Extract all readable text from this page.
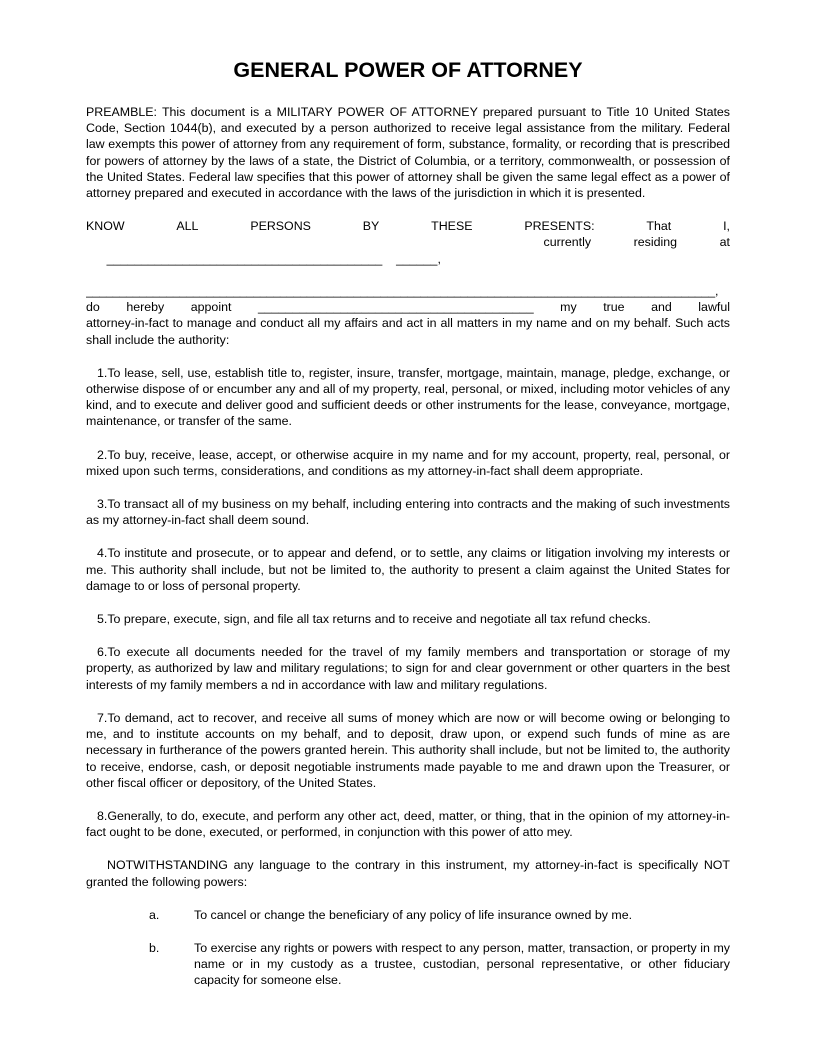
GENERAL POWER OF ATTORNEY

PREAMBLE: This document is a MILITARY POWER OF ATTORNEY prepared pursuant to Title 10 United States Code, Section 1044(b), and executed by a person authorized to receive legal assistance from the military. Federal law exempts this power of attorney from any requirement of form, substance, formality, or recording that is prescribed for powers of attorney by the laws of a state, the District of Columbia, or a territory, commonwealth, or possession of the United States. Federal law specifies that this power of attorney shall be given the same legal effect as a power of attorney prepared and executed in accordance with the laws of the jurisdiction in which it is presented.

KNOW	ALL	PERSONS	BY	THESE	PRESENTS:	That	I,

________________________________________ ______,

currently	residing	at
______________________________________________________________________________________________,
do hereby appoint ________________________________________ my true and lawful

attorney-in-fact to manage and conduct all my affairs and act in all matters in my name and on my behalf. Such acts shall include the authority:

1.To lease, sell, use, establish title to, register, insure, transfer, mortgage, maintain, manage, pledge, exchange, or otherwise dispose of or encumber any and all of my property, real, personal, or mixed, including motor vehicles of any kind, and to execute and deliver good and sufficient deeds or other instruments for the lease, conveyance, mortgage, maintenance, or transfer of the same.

2.To buy, receive, lease, accept, or otherwise acquire in my name and for my account, property, real, personal, or mixed upon such terms, considerations, and conditions as my attorney-in-fact shall deem appropriate.

3.To transact all of my business on my behalf, including entering into contracts and the making of such investments as my attorney-in-fact shall deem sound.

4.To institute and prosecute, or to appear and defend, or to settle, any claims or litigation involving my interests or me. This authority shall include, but not be limited to, the authority to present a claim against the United States for damage to or loss of personal property.

5.To prepare, execute, sign, and file all tax returns and to receive and negotiate all tax refund checks.

6.To execute all documents needed for the travel of my family members and transportation or storage of my property, as authorized by law and military regulations; to sign for and clear government or other quarters in the best interests of my family members a nd in accordance with law and military regulations.

7.To demand, act to recover, and receive all sums of money which are now or will become owing or belonging to me, and to institute accounts on my behalf, and to deposit, draw upon, or expend such funds of mine as are necessary in furtherance of the powers granted herein. This authority shall include, but not be limited to, the authority to receive, endorse, cash, or deposit negotiable instruments made payable to me and drawn upon the Treasurer, or other fiscal officer or depository, of the United States.

8.Generally, to do, execute, and perform any other act, deed, matter, or thing, that in the opinion of my attorney-in-fact ought to be done, executed, or performed, in conjunction with this power of atto mey.

NOTWITHSTANDING any language to the contrary in this instrument, my attorney-in-fact is specifically NOT granted the following powers:

a.	To cancel or change the beneficiary of any policy of life insurance owned by me.
b.	To exercise any rights or powers with respect to any person, matter, transaction, or property in my name or in my custody as a trustee, custodian, personal representative, or other fiduciary capacity for someone else.
